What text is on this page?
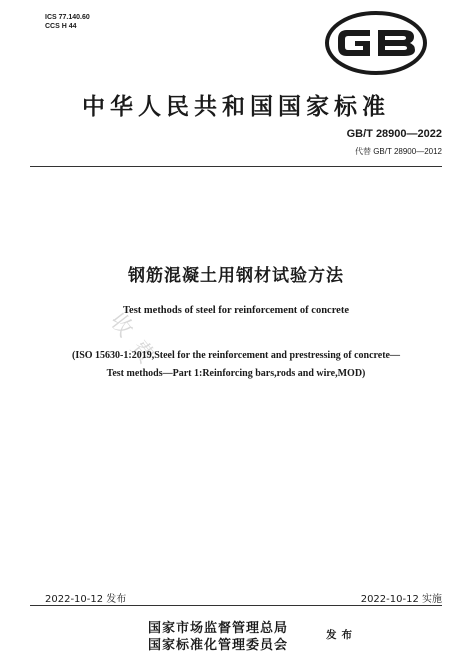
ICS 77.140.60
CCS H 44
中华人民共和国国家标准
GB/T 28900—2022
代替 GB/T 28900—2012
收费
钢筋混凝土用钢材试验方法
Test methods of steel for reinforcement of concrete
(ISO 15630-1:2019,Steel for the reinforcement and prestressing of concrete—
Test methods—Part 1:Reinforcing bars,rods and wire,MOD)
2022-10-12 发布	2022-10-12 实施
国家市场监督管理总局
国家标准化管理委员会
发布
